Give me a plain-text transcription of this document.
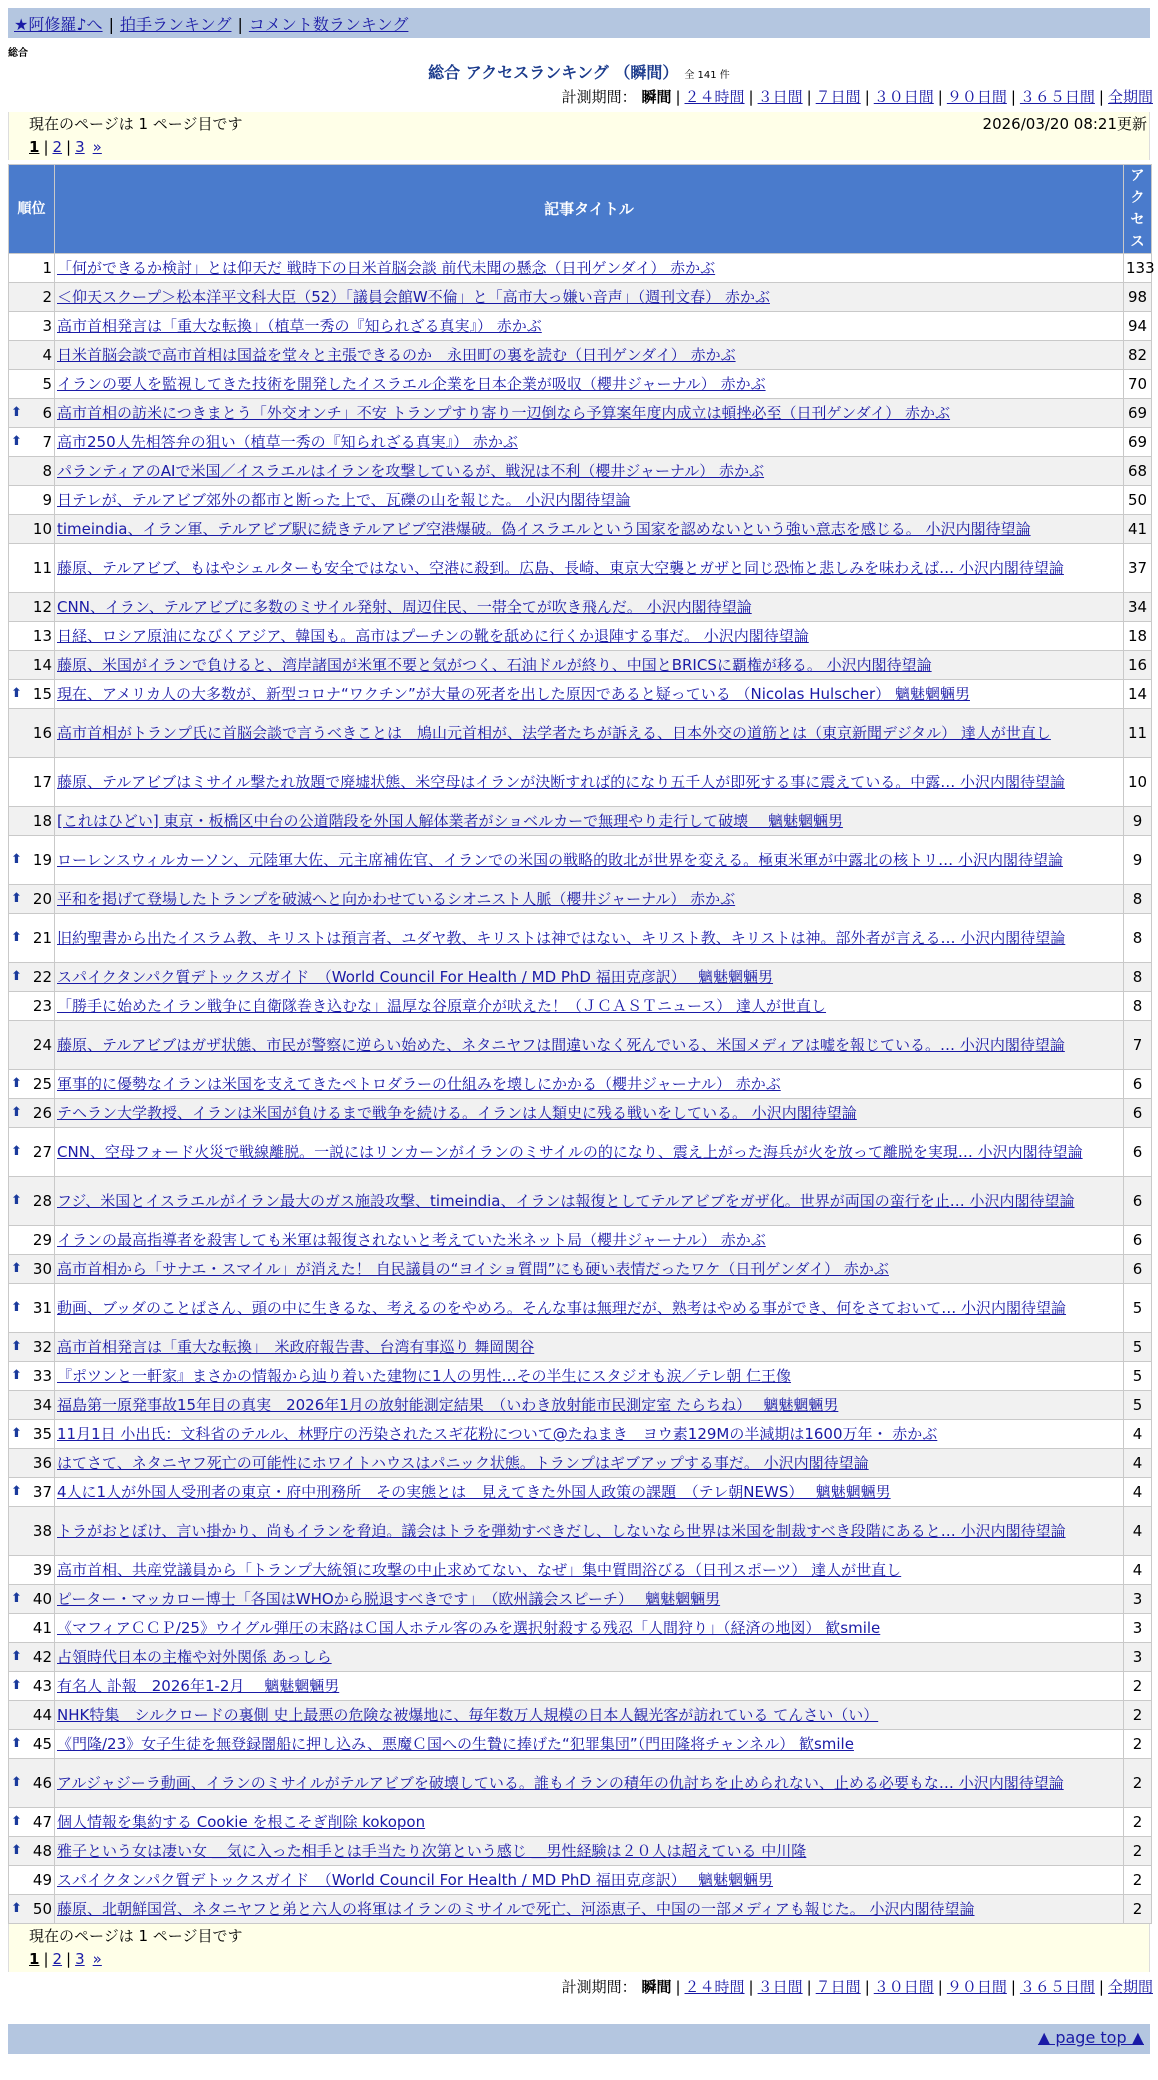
★阿修羅♪へ | 拍手ランキング | コメント数ランキング
総合
総合 アクセスランキング （瞬間） 全 141 件
計測期間： 瞬間 | ２４時間 | ３日間 | ７日間 | ３０日間 | ９０日間 | ３６５日間 | 全期間
現在のページは 1 ページ目です	2026/03/20 08:21更新
1 | 2 | 3 »
順位	記事タイトル	アクセス
1	「何ができるか検討」とは仰天だ 戦時下の日米首脳会談 前代未聞の懸念（日刊ゲンダイ） 赤かぶ	133
2	＜仰天スクープ＞松本洋平文科大臣（52）「議員会館W不倫」と「高市大っ嫌い音声」（週刊文春） 赤かぶ	98
3	高市首相発言は「重大な転換」（植草一秀の『知られざる真実』） 赤かぶ	94
4	日米首脳会談で高市首相は国益を堂々と主張できるのか　永田町の裏を読む（日刊ゲンダイ） 赤かぶ	82
5	イランの要人を監視してきた技術を開発したイスラエル企業を日本企業が吸収（櫻井ジャーナル） 赤かぶ	70

⬆ 6	高市首相の訪米につきまとう「外交オンチ」不安 トランプすり寄り一辺倒なら予算案年度内成立は頓挫必至（日刊ゲンダイ） 赤かぶ	69

⬆ 7	高市250人先相答弁の狙い（植草一秀の『知られざる真実』） 赤かぶ	69
8	パランティアのAIで米国／イスラエルはイランを攻撃しているが、戦況は不利（櫻井ジャーナル） 赤かぶ	68
9	日テレが、テルアビブ郊外の都市と断った上で、瓦礫の山を報じた。 小沢内閣待望論	50
10	timeindia、イラン軍、テルアビブ駅に続きテルアビブ空港爆破。偽イスラエルという国家を認めないという強い意志を感じる。 小沢内閣待望論	41
11	藤原、テルアビブ、もはやシェルターも安全ではない、空港に殺到。広島、長崎、東京大空襲とガザと同じ恐怖と悲しみを味わえば… 小沢内閣待望論	37
12	CNN、イラン、テルアビブに多数のミサイル発射、周辺住民、一帯全てが吹き飛んだ。 小沢内閣待望論	34
13	日経、ロシア原油になびくアジア、韓国も。高市はプーチンの靴を舐めに行くか退陣する事だ。 小沢内閣待望論	18
14	藤原、米国がイランで負けると、湾岸諸国が米軍不要と気がつく、石油ドルが終り、中国とBRICSに覇権が移る。 小沢内閣待望論	16

⬆ 15	現在、アメリカ人の大多数が、新型コロナ“ワクチン”が大量の死者を出した原因であると疑っている （Nicolas Hulscher） 魑魅魍魎男	14
16	高市首相がトランプ氏に首脳会談で言うべきことは　鳩山元首相が、法学者たちが訴える、日本外交の道筋とは（東京新聞デジタル） 達人が世直し	11
17	藤原、テルアビブはミサイル撃たれ放題で廃墟状態、米空母はイランが決断すれば的になり五千人が即死する事に震えている。中露… 小沢内閣待望論	10
18	[これはひどい] 東京・板橋区中台の公道階段を外国人解体業者がショベルカーで無理やり走行して破壊　 魑魅魍魎男	9

⬆ 19	ローレンスウィルカーソン、元陸軍大佐、元主席補佐官、イランでの米国の戦略的敗北が世界を変える。極東米軍が中露北の核トリ… 小沢内閣待望論	9

⬆ 20	平和を掲げて登場したトランプを破滅へと向かわせているシオニスト人脈（櫻井ジャーナル） 赤かぶ	8

⬆ 21	旧約聖書から出たイスラム教、キリストは預言者、ユダヤ教、キリストは神ではない、キリスト教、キリストは神。部外者が言える… 小沢内閣待望論	8

⬆ 22	スパイクタンパク質デトックスガイド　（World Council For Health / MD PhD 福田克彦訳）　 魑魅魍魎男	8
23	「勝手に始めたイラン戦争に自衛隊巻き込むな」温厚な谷原章介が吠えた！（ＪＣＡＳＴニュース） 達人が世直し	8
24	藤原、テルアビブはガザ状態、市民が警察に逆らい始めた、ネタニヤフは間違いなく死んでいる、米国メディアは嘘を報じている。… 小沢内閣待望論	7

⬆ 25	軍事的に優勢なイランは米国を支えてきたペトロダラーの仕組みを壊しにかかる（櫻井ジャーナル） 赤かぶ	6

⬆ 26	テヘラン大学教授、イランは米国が負けるまで戦争を続ける。イランは人類史に残る戦いをしている。 小沢内閣待望論	6

⬆ 27	CNN、空母フォード火災で戦線離脱。一説にはリンカーンがイランのミサイルの的になり、震え上がった海兵が火を放って離脱を実現… 小沢内閣待望論	6

⬆ 28	フジ、米国とイスラエルがイラン最大のガス施設攻撃、timeindia、イランは報復としてテルアビブをガザ化。世界が両国の蛮行を止… 小沢内閣待望論	6
29	イランの最高指導者を殺害しても米軍は報復されないと考えていた米ネット局（櫻井ジャーナル） 赤かぶ	6

⬆ 30	高市首相から「サナエ・スマイル」が消えた！ 自民議員の“ヨイショ質問”にも硬い表情だったワケ（日刊ゲンダイ） 赤かぶ	6

⬆ 31	動画、ブッダのことばさん、頭の中に生きるな、考えるのをやめろ。そんな事は無理だが、熟考はやめる事ができ、何をさておいて… 小沢内閣待望論	5

⬆ 32	高市首相発言は「重大な転換」　米政府報告書、台湾有事巡り 舞岡関谷	5

⬆ 33	『ポツンと一軒家』まさかの情報から辿り着いた建物に1人の男性…その半生にスタジオも涙／テレ朝 仁王像	5
34	福島第一原発事故15年目の真実　2026年1月の放射能測定結果　（いわき放射能市民測定室 たらちね）　 魑魅魍魎男	5

⬆ 35	11月1日 小出氏：文科省のテルル、林野庁の汚染されたスギ花粉について@たねまき　ヨウ素129Mの半減期は1600万年・ 赤かぶ	4
36	はてさて、ネタニヤフ死亡の可能性にホワイトハウスはパニック状態。トランプはギブアップする事だ。 小沢内閣待望論	4

⬆ 37	4人に1人が外国人受刑者の東京・府中刑務所　その実態とは　見えてきた外国人政策の課題　（テレ朝NEWS）　 魑魅魍魎男	4
38	トラがおとぼけ、言い掛かり、尚もイランを脅迫。議会はトラを弾劾すべきだし、しないなら世界は米国を制裁すべき段階にあると… 小沢内閣待望論	4
39	高市首相、共産党議員から「トランプ大統領に攻撃の中止求めてない、なぜ」集中質問浴びる（日刊スポーツ） 達人が世直し	4

⬆ 40	ピーター・マッカロー博士「各国はWHOから脱退すべきです」　（欧州議会スピーチ）　 魑魅魍魎男	3
41	《マフィアＣＣＰ/25》ウイグル弾圧の末路はＣ国人ホテル客のみを選択射殺する残忍「人間狩り」（経済の地図） 歓smile	3

⬆ 42	占領時代日本の主権や対外関係 あっしら	3

⬆ 43	有名人 訃報　2026年1-2月　 魑魅魍魎男	2
44	NHK特集　シルクロードの裏側 史上最悪の危険な被爆地に、毎年数万人規模の日本人観光客が訪れている てんさい（い）	2

⬆ 45	《門隆/23》女子生徒を無登録闇船に押し込み、悪魔Ｃ国への生贄に捧げた“犯罪集団”（門田隆将チャンネル） 歓smile	2

⬆ 46	アルジャジーラ動画、イランのミサイルがテルアビブを破壊している。誰もイランの積年の仇討ちを止められない、止める必要もな… 小沢内閣待望論	2

⬆ 47	個人情報を集約する Cookie を根こそぎ削除 kokopon	2

⬆ 48	雅子という女は凄い女 ＿気に入った相手とは手当たり次第という感じ ＿男性経験は２０人は超えている 中川隆	2
49	スパイクタンパク質デトックスガイド　（World Council For Health / MD PhD 福田克彦訳）　 魑魅魍魎男	2

⬆ 50	藤原、北朝鮮国営、ネタニヤフと弟と六人の将軍はイランのミサイルで死亡、河添恵子、中国の一部メディアも報じた。 小沢内閣待望論	2
現在のページは 1 ページ目です
1 | 2 | 3 »
計測期間： 瞬間 | ２４時間 | ３日間 | ７日間 | ３０日間 | ９０日間 | ３６５日間 | 全期間
▲ page top ▲
